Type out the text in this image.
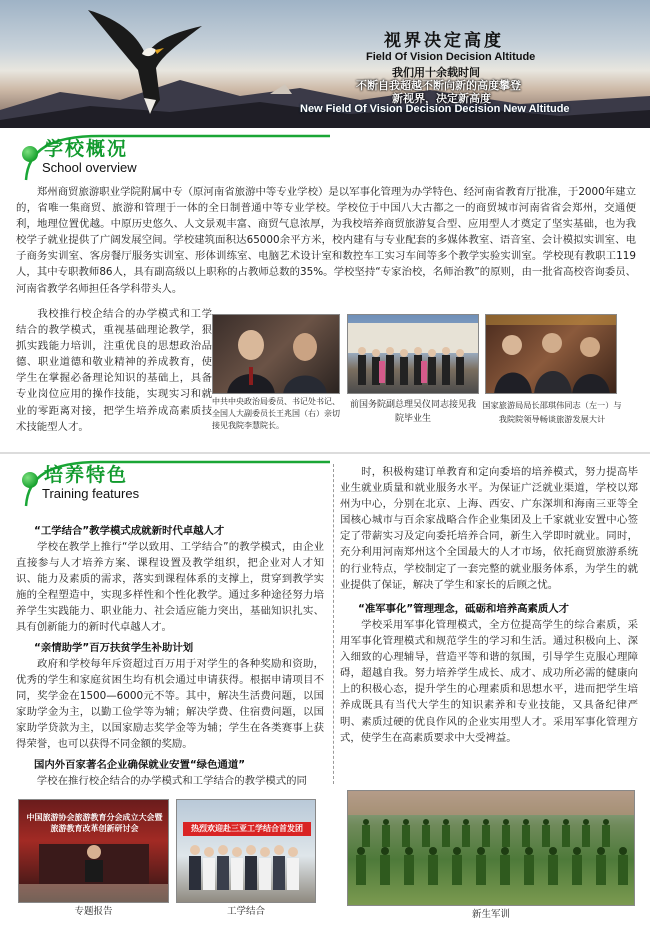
视界决定高度
Field Of Vision Decision Altitude
我们用十余载时间
不断自我超越不断向新的高度攀登
新视界，决定新高度
New Field Of Vision Decision Decision New Altitude
学校概况
School overview
郑州商贸旅游职业学院附属中专（原河南省旅游中等专业学校）是以军事化管理为办学特色、经河南省教育厅批准，于2000年建立的，省唯一集商贸、旅游和管理于一体的全日制普通中等专业学校。学校位于中国八大古都之一的商贸城市河南省省会郑州，交通便利，地理位置优越。中原历史悠久、人文景观丰富、商贸气息浓厚，为我校培养商贸旅游复合型、应用型人才奠定了坚实基础，也为我校学子就业提供了广阔发展空间。学校建筑面积达65000余平方米，校内建有与专业配套的多媒体教室、语音室、会计模拟实训室、电子商务实训室、客房餐厅服务实训室、形体训练室、电脑艺术设计室和数控车工实习车间等多个教学实验实训室。学校现有教职工119人，其中专职教师86人，具有副高级以上职称的占教师总数的35%。学校坚持“专家治校，名师治教”的原则，由一批省高校咨询委员、河南省教学名师担任各学科带头人。
我校推行校企结合的办学模式和工学结合的教学模式，重视基础理论教学，狠抓实践能力培训，注重优良的思想政治品德、职业道德和敬业精神的养成教育，使学生在掌握必备理论知识的基础上，具备专业岗位应用的操作技能，实现实习和就业的零距离对接，把学生培养成高素质技术技能型人才。
中共中央政治局委员、书记处书记、全国人大副委员长王兆国（右）亲切接见我院李慧院长。
前国务院副总理吴仪同志接见我院毕业生
国家旅游局局长邵琪伟同志（左一）与我院院领导畅谈旅游发展大计
培养特色
Training features
“工学结合”教学模式成就新时代卓越人才
学校在教学上推行“学以致用、工学结合”的教学模式，由企业直接参与人才培养方案、课程设置及教学组织，把企业对人才知识、能力及素质的需求，落实到课程体系的支撑上，贯穿到教学实施的全程塑造中，实现多样性和个性化教学。通过多种途径努力培养学生实践能力、职业能力、社会适应能力突出，基础知识扎实、具有创新能力的新时代卓越人才。
“亲情助学”百万扶贫学生补助计划
政府和学校每年斥资超过百万用于对学生的各种奖励和资助，优秀的学生和家庭贫困生均有机会通过申请获得。根据申请项目不同，奖学金在1500—6000元不等。其中，解决生活费问题，以国家助学金为主，以勤工俭学等为辅；解决学费、住宿费问题，以国家助学贷款为主，以国家励志奖学金等为辅；学生在各类赛事上获得荣誉，也可以获得不同金额的奖励。
国内外百家著名企业确保就业安置“绿色通道”
学校在推行校企结合的办学模式和工学结合的教学模式的同
时，积极构建订单教育和定向委培的培养模式，努力提高毕业生就业质量和就业服务水平。为保证广泛就业渠道，学校以郑州为中心，分别在北京、上海、西安、广东深圳和海南三亚等全国核心城市与百余家战略合作企业集团及上千家就业安置中心签定了带薪实习及定向委托培养合同，新生入学即时就业。同时，充分利用河南郑州这个全国最大的人才市场，依托商贸旅游系统的行业特点，学校制定了一套完整的就业服务体系，为学生的就业提供了保证，解决了学生和家长的后顾之忧。
“准军事化”管理理念，砥砺和培养高素质人才
学校采用军事化管理模式，全方位提高学生的综合素质，采用军事化管理模式和规范学生的学习和生活。通过积极向上、深入细致的心理辅导，营造平等和谐的氛围，引导学生克服心理障碍，超越自我。努力培养学生成长、成才、成功所必需的健康向上的积极心态，提升学生的心理素质和思想水平，进而把学生培养成既具有当代大学生的知识素养和专业技能，又具备纪律严明、素质过硬的优良作风的企业实用型人才。采用军事化管理方式，使学生在高素质要求中大受裨益。
中国旅游协会旅游教育分会成立大会暨旅游教育改革创新研讨会
专题报告
热烈欢迎赴三亚工学结合首发团
工学结合	新生军训
